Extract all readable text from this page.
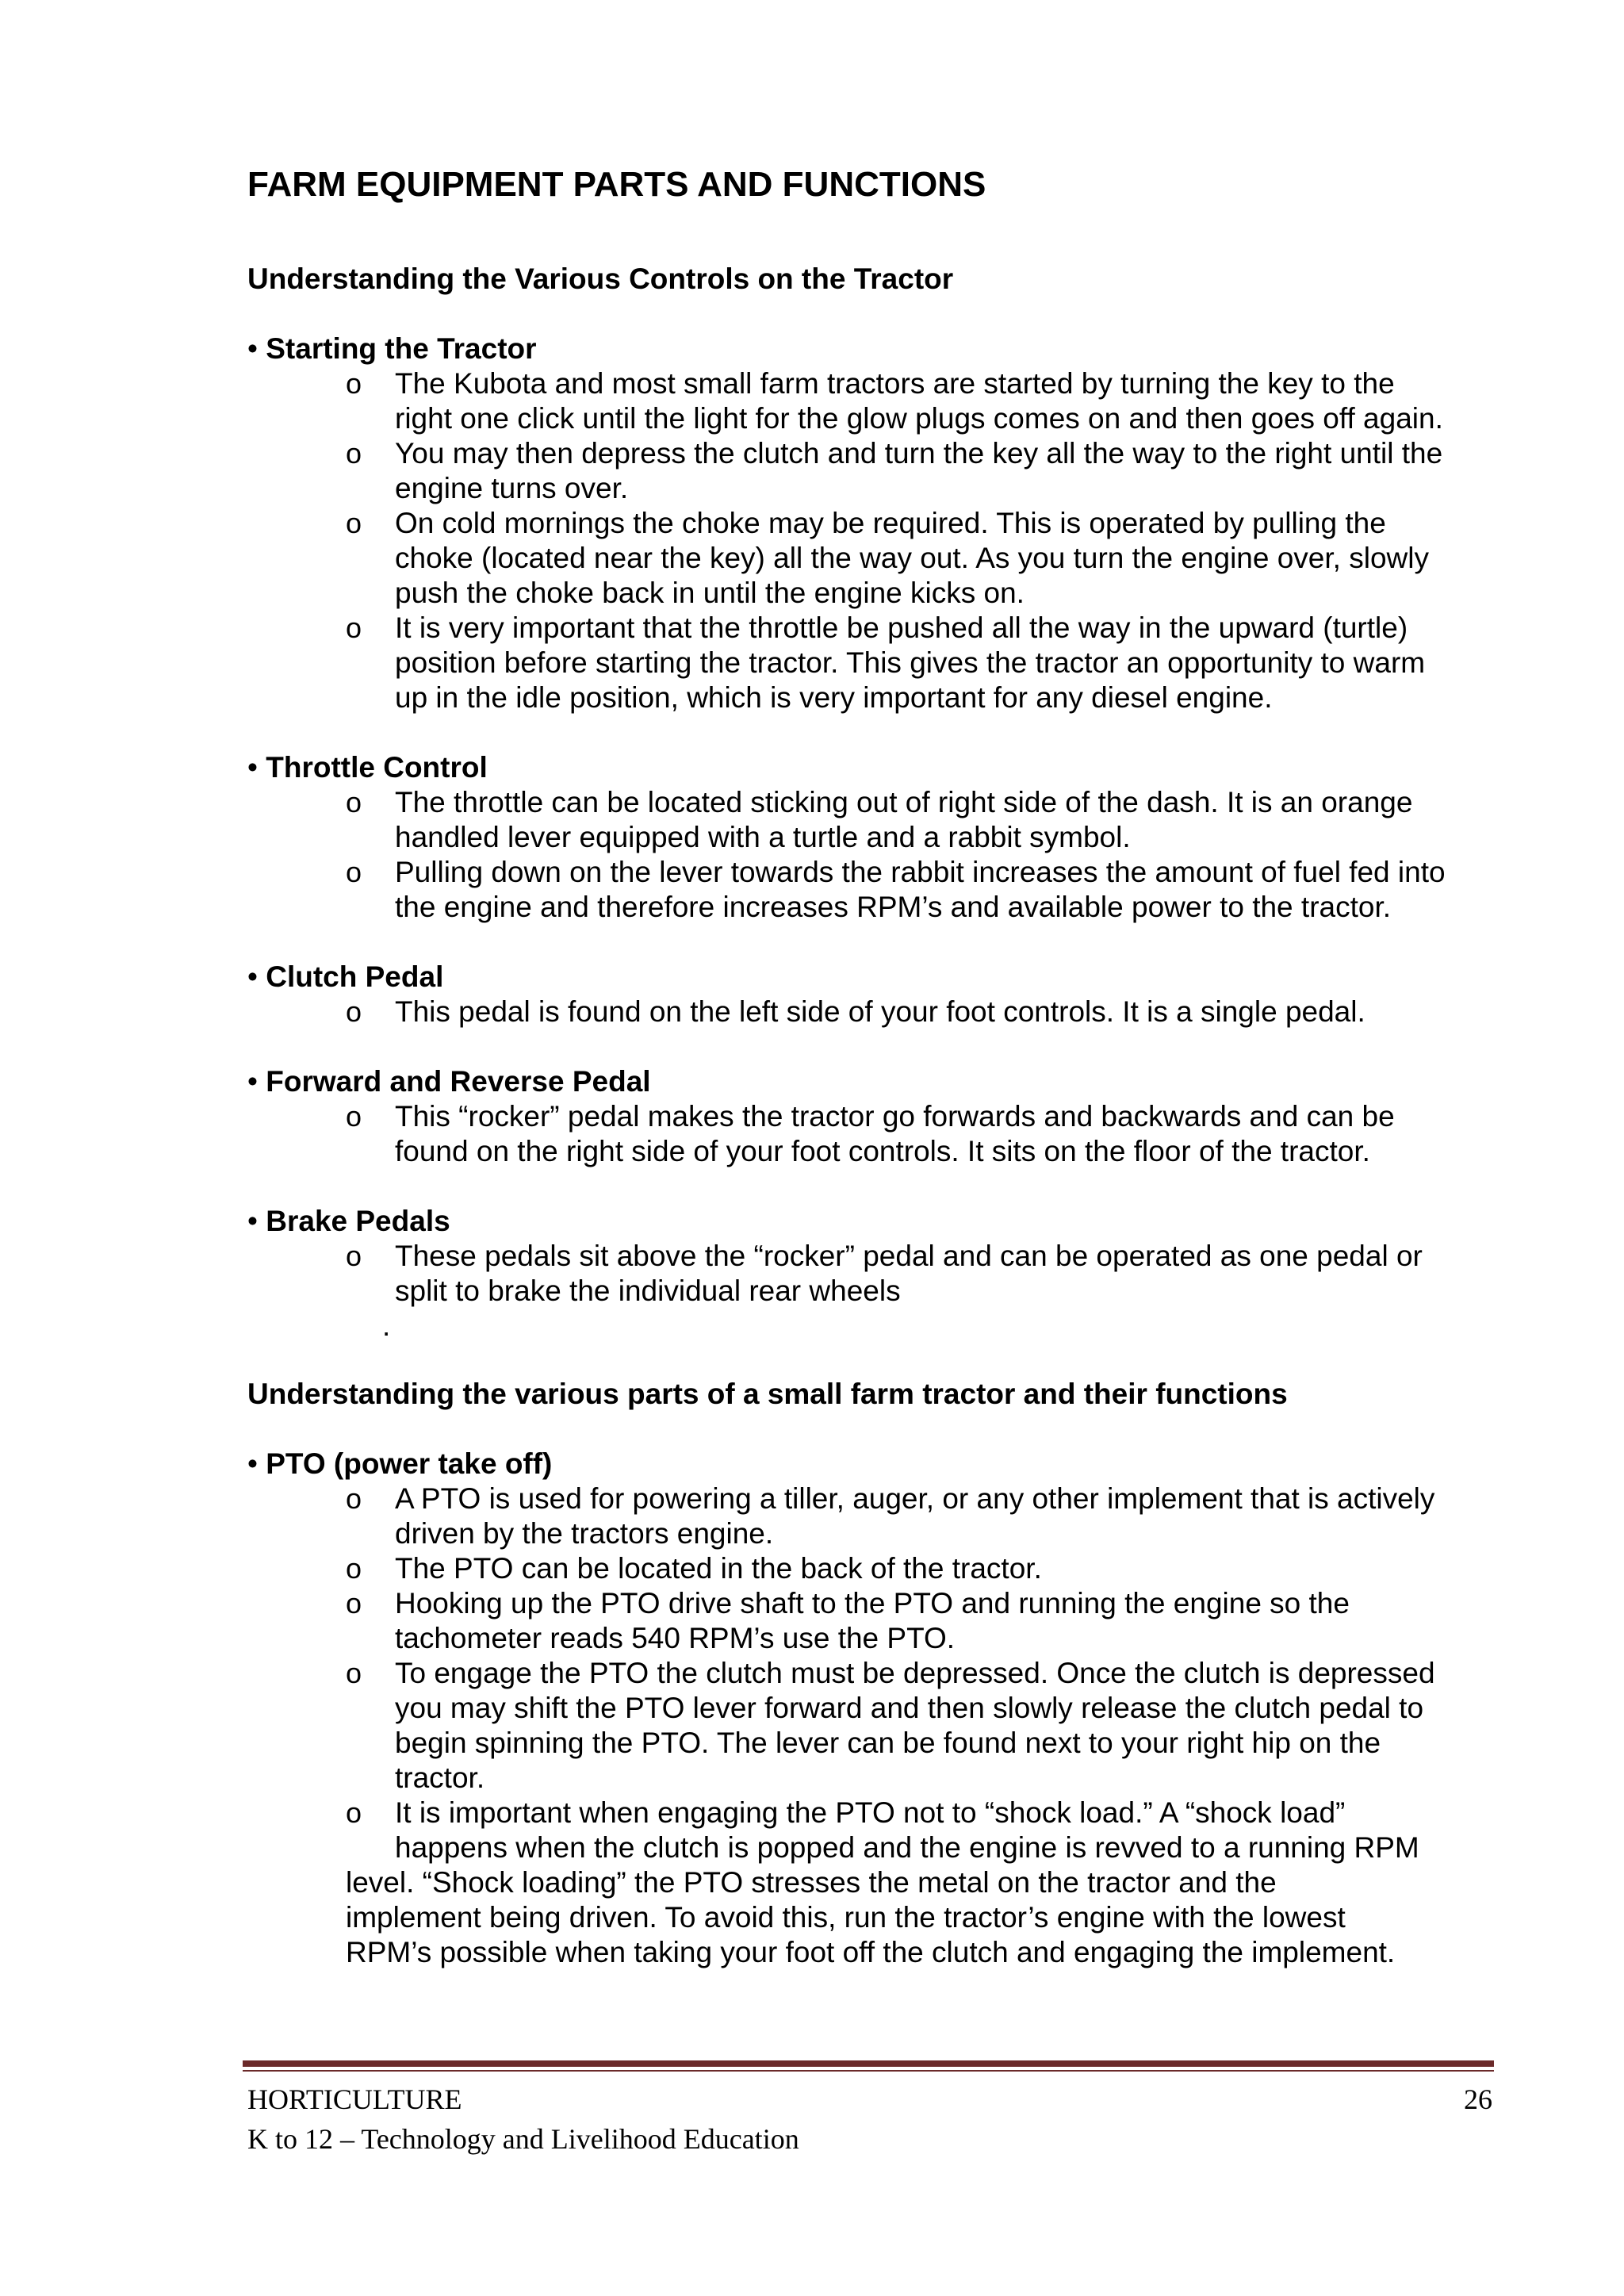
FARM EQUIPMENT PARTS AND FUNCTIONS

Understanding the Various Controls on the Tractor

• Starting the Tractor

o The Kubota and most small farm tractors are started by turning the key to the
right one click until the light for the glow plugs comes on and then goes off again.
o You may then depress the clutch and turn the key all the way to the right until the
engine turns over.
o On cold mornings the choke may be required. This is operated by pulling the
choke (located near the key) all the way out. As you turn the engine over, slowly
push the choke back in until the engine kicks on.
o It is very important that the throttle be pushed all the way in the upward (turtle)
position before starting the tractor. This gives the tractor an opportunity to warm
up in the idle position, which is very important for any diesel engine.

• Throttle Control

o The throttle can be located sticking out of right side of the dash. It is an orange
handled lever equipped with a turtle and a rabbit symbol.
o Pulling down on the lever towards the rabbit increases the amount of fuel fed into
the engine and therefore increases RPM’s and available power to the tractor.

• Clutch Pedal

o This pedal is found on the left side of your foot controls. It is a single pedal.

• Forward and Reverse Pedal

o This “rocker” pedal makes the tractor go forwards and backwards and can be
found on the right side of your foot controls. It sits on the floor of the tractor.

• Brake Pedals

o These pedals sit above the “rocker” pedal and can be operated as one pedal or
split to brake the individual rear wheels

.

Understanding the various parts of a small farm tractor and their functions

• PTO (power take off)

o A PTO is used for powering a tiller, auger, or any other implement that is actively
driven by the tractors engine.
o The PTO can be located in the back of the tractor.
o Hooking up the PTO drive shaft to the PTO and running the engine so the
tachometer reads 540 RPM’s use the PTO.
o To engage the PTO the clutch must be depressed. Once the clutch is depressed
you may shift the PTO lever forward and then slowly release the clutch pedal to
begin spinning the PTO. The lever can be found next to your right hip on the
tractor.
o It is important when engaging the PTO not to “shock load.” A “shock load”
happens when the clutch is popped and the engine is revved to a running RPM

level. “Shock loading” the PTO stresses the metal on the tractor and the

implement being driven. To avoid this, run the tractor’s engine with the lowest

RPM’s possible when taking your foot off the clutch and engaging the implement.

HORTICULTURE
K to 12 – Technology and Livelihood Education
26
